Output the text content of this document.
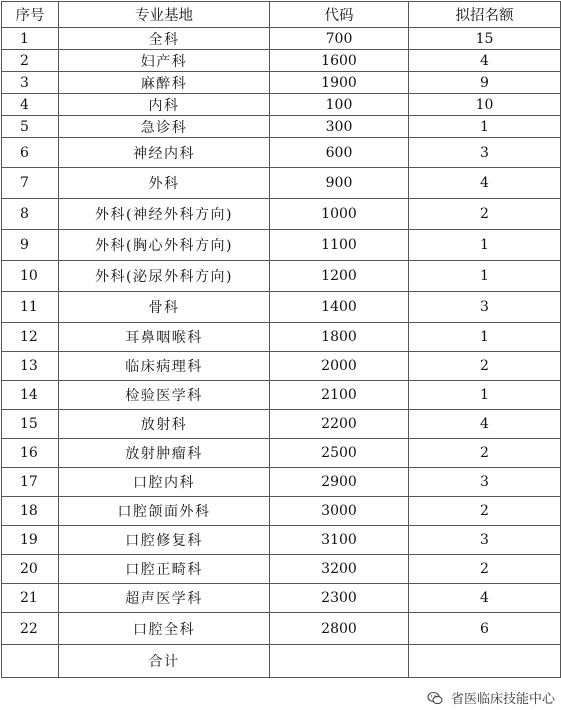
序号	专业基地	代码	拟招名额
1	全科	700	15
2	妇产科	1600	4
3	麻醉科	1900	9
4	内科	100	10
5	急诊科	300	1
6	神经内科	600	3
7	外科	900	4
8	外科(神经外科方向)	1000	2
9	外科(胸心外科方向)	1100	1
10	外科(泌尿外科方向)	1200	1
11	骨科	1400	3
12	耳鼻咽喉科	1800	1
13	临床病理科	2000	2
14	检验医学科	2100	1
15	放射科	2200	4
16	放射肿瘤科	2500	2
17	口腔内科	2900	3
18	口腔颌面外科	3000	2
19	口腔修复科	3100	3
20	口腔正畸科	3200	2
21	超声医学科	2300	4
22	口腔全科	2800	6
	合计		
省医临床技能中心
